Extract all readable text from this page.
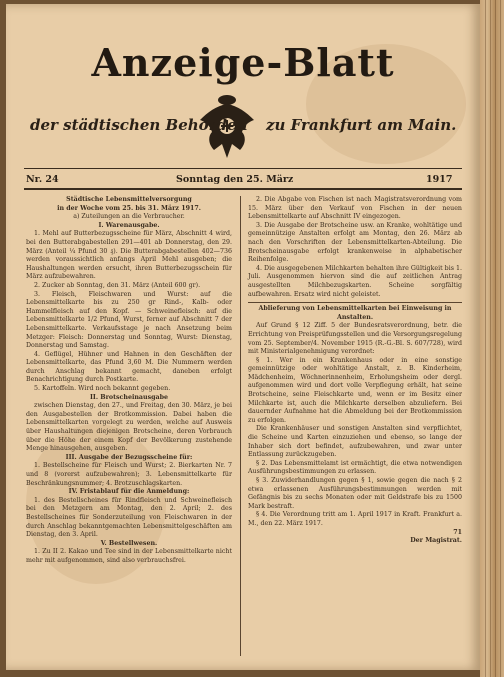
Anzeige-Blatt
der städtischen Behörden zu Frankfurt am Main.
Nr. 24	Sonntag den 25. März	1917
Städtische Lebensmittelversorgung
in der Woche vom 25. bis 31. März 1917.
a) Zuteilungen an die Verbraucher.
I. Warenausgabe.
1. Mehl auf Butterbezugsscheine für März, Abschnitt 4 wird, bei den Butterabgabestellen 291—401 ab Donnerstag, den 29. März (Anteil ¼ Pfund 30 ₰). Die Butterabgabestellen 402—736 werden voraussichtlich anfangs April Mehl ausgeben; die Haushaltungen werden ersucht, ihren Butterbezugsschein für März aufzubewahren.
2. Zucker ab Sonntag, den 31. März (Anteil 600 gr).
3. Fleisch, Fleischwaren und Wurst: auf die Lebensmittelkarte bis zu 250 gr Rind-, Kalb- oder Hammelfleisch auf den Kopf. — Schweinefleisch: auf die Lebensmittelkarte 1/2 Pfund, Wurst, ferner auf Abschnitt 7 der Lebensmittelkarte. Verkaufsstage je nach Ansetzung beim Metzger: Fleisch: Donnerstag und Sonntag, Wurst: Dienstag, Donnerstag und Samstag.
4. Geflügel, Hühner und Hahnen in den Geschäften der Lebensmittelkarte, das Pfund 3,60 M. Die Nummern werden durch Anschlag bekannt gemacht, daneben erfolgt Benachrichtigung durch Postkarte.
5. Kartoffeln. Wird noch bekannt gegeben.
II. Brotscheinausgabe
zwischen Dienstag, den 27., und Freitag, den 30. März, je bei den Ausgabestellen der Brotkommission. Dabei haben die Lebensmittelkarten vorgelegt zu werden, welche auf Ausweis über Haushaltungen diejenigen Brotscheine, deren Vorbrauch über die Höhe der einem Kopf der Bevölkerung zustehende Menge hinausgehen, ausgeben.
III. Ausgabe der Bezugsscheine für:
1. Bestellscheine für Fleisch und Wurst; 2. Bierkarten Nr. 7 und 8 (vorerst aufzubewahren); 3. Lebensmittelkarte für Beschränkungsnummer; 4. Brotzuschlagskarten.
IV. Fristablauf für die Anmeldung:
1. des Bestellscheines für Rindfleisch und Schweinefleisch bei den Metzgern am Montag, den 2. April; 2. des Bestellscheines für Sonderzuteilung von Fleischwaren in der durch Anschlag bekanntgemachten Lebensmittelgeschäften am Dienstag, den 3. April.
V. Bestellwesen.
1. Zu II 2. Kakao und Tee sind in der Lebensmittelkarte nicht mehr mit aufgenommen, sind also verbrauchsfrei.
2. Die Abgabe von Fischen ist nach Magistratsverordnung vom 15. März über den Verkauf von Fischen in der neuen Lebensmittelkarte auf Abschnitt IV eingezogen.
3. Die Ausgabe der Brotscheine usw. an Kranke, wohltätige und gemeinnützige Anstalten erfolgt am Montag, den 26. März ab nach den Vorschriften der Lebensmittelkarten-Abteilung. Die Brotscheinausgabe erfolgt krankenweise in alphabetischer Reihenfolge.
4. Die ausgegebenen Milchkarten behalten ihre Gültigkeit bis 1. Juli. Ausgenommen hiervon sind die auf zeitlichen Antrag ausgestellten Milchbezugskarten. Scheine sorgfältig aufbewahren. Ersatz wird nicht geleistet.
Ablieferung von Lebensmittelkarten bei Einweisung in Anstalten.
Auf Grund § 12 Ziff. 5 der Bundesratsverordnung, betr. die Errichtung von Preisprüfungsstellen und die Versorgungsregelung vom 25. September/4. November 1915 (R.-G.-Bl. S. 607/728), wird mit Ministerialgenehmigung verordnet:
§ 1. Wer in ein Krankenhaus oder in eine sonstige gemeinnützige oder wohltätige Anstalt, z. B. Kinderheim, Mädchenheim, Wöchnerinnenheim, Erholungsheim oder dergl. aufgenommen wird und dort volle Verpflegung erhält, hat seine Brotscheine, seine Fleischkarte und, wenn er im Besitz einer Milchkarte ist, auch die Milchkarte derselben abzuliefern. Bei dauernder Aufnahme hat die Abmeldung bei der Brotkommission zu erfolgen.
Die Krankenhäuser und sonstigen Anstalten sind verpflichtet, die Scheine und Karten einzuziehen und ebenso, so lange der Inhaber sich dort befindet, aufzubewahren, und zwar unter Entlassung zurückzugeben.
§ 2. Das Lebensmittelamt ist ermächtigt, die etwa notwendigen Ausführungsbestimmungen zu erlassen.
§ 3. Zuwiderhandlungen gegen § 1, sowie gegen die nach § 2 etwa erlassenen Ausführungsbestimmungen werden mit Gefängnis bis zu sechs Monaten oder mit Geldstrafe bis zu 1500 Mark bestraft.
§ 4. Die Verordnung tritt am 1. April 1917 in Kraft. Frankfurt a. M., den 22. März 1917.
71
Der Magistrat.
